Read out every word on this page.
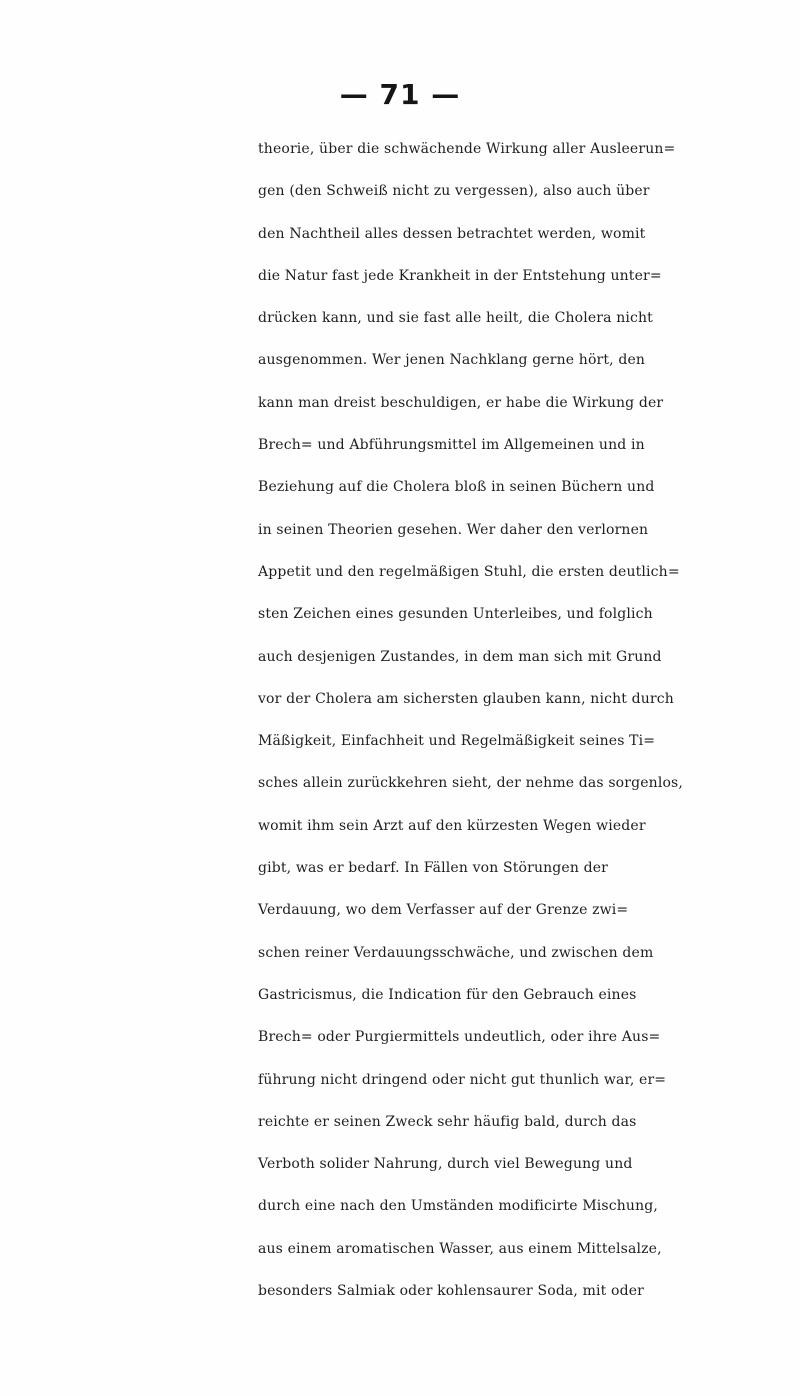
— 71 —
theorie, über die schwächende Wirkung aller Ausleerun=
gen (den Schweiß nicht zu vergessen), also auch über
den Nachtheil alles dessen betrachtet werden, womit
die Natur fast jede Krankheit in der Entstehung unter=
drücken kann, und sie fast alle heilt, die Cholera nicht
ausgenommen. Wer jenen Nachklang gerne hört, den
kann man dreist beschuldigen, er habe die Wirkung der
Brech= und Abführungsmittel im Allgemeinen und in
Beziehung auf die Cholera bloß in seinen Büchern und
in seinen Theorien gesehen. Wer daher den verlornen
Appetit und den regelmäßigen Stuhl, die ersten deutlich=
sten Zeichen eines gesunden Unterleibes, und folglich
auch desjenigen Zustandes, in dem man sich mit Grund
vor der Cholera am sichersten glauben kann, nicht durch
Mäßigkeit, Einfachheit und Regelmäßigkeit seines Ti=
sches allein zurückkehren sieht, der nehme das sorgenlos,
womit ihm sein Arzt auf den kürzesten Wegen wieder
gibt, was er bedarf. In Fällen von Störungen der
Verdauung, wo dem Verfasser auf der Grenze zwi=
schen reiner Verdauungsschwäche, und zwischen dem
Gastricismus, die Indication für den Gebrauch eines
Brech= oder Purgiermittels undeutlich, oder ihre Aus=
führung nicht dringend oder nicht gut thunlich war, er=
reichte er seinen Zweck sehr häufig bald, durch das
Verboth solider Nahrung, durch viel Bewegung und
durch eine nach den Umständen modificirte Mischung,
aus einem aromatischen Wasser, aus einem Mittelsalze,
besonders Salmiak oder kohlensaurer Soda, mit oder
